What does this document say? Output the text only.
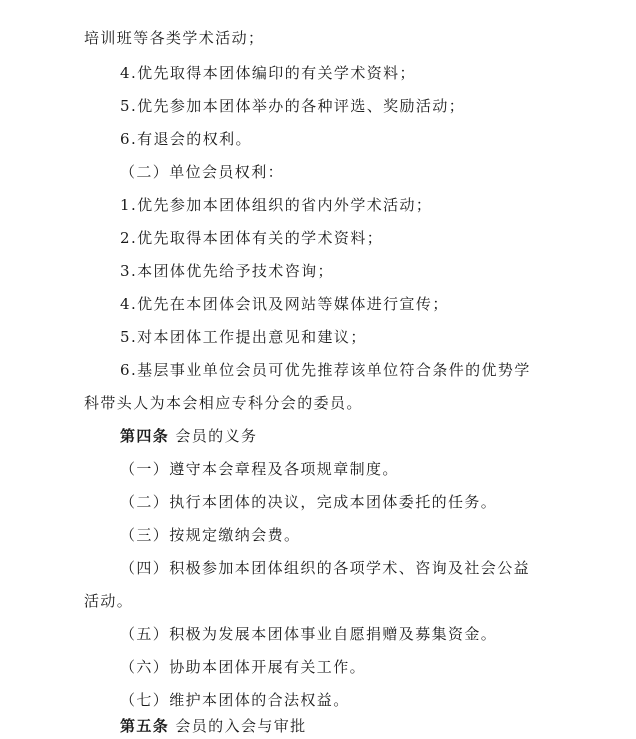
培训班等各类学术活动；
4.优先取得本团体编印的有关学术资料；
5.优先参加本团体举办的各种评选、奖励活动；
6.有退会的权利。
（二）单位会员权利：
1.优先参加本团体组织的省内外学术活动；
2.优先取得本团体有关的学术资料；
3.本团体优先给予技术咨询；
4.优先在本团体会讯及网站等媒体进行宣传；
5.对本团体工作提出意见和建议；
6.基层事业单位会员可优先推荐该单位符合条件的优势学
科带头人为本会相应专科分会的委员。
第四条 会员的义务
（一）遵守本会章程及各项规章制度。
（二）执行本团体的决议，完成本团体委托的任务。
（三）按规定缴纳会费。
（四）积极参加本团体组织的各项学术、咨询及社会公益
活动。
（五）积极为发展本团体事业自愿捐赠及募集资金。
（六）协助本团体开展有关工作。
（七）维护本团体的合法权益。
第五条 会员的入会与审批
